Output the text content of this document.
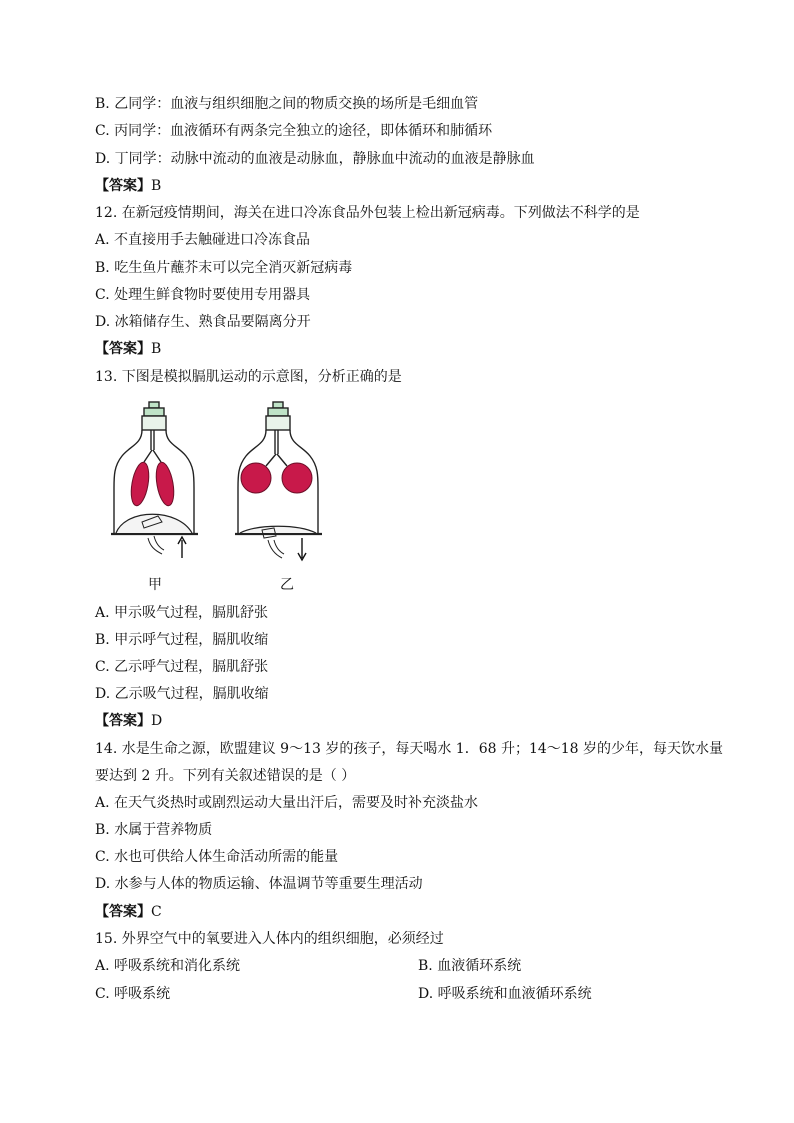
B. 乙同学：血液与组织细胞之间的物质交换的场所是毛细血管
C. 丙同学：血液循环有两条完全独立的途径，即体循环和肺循环
D. 丁同学：动脉中流动的血液是动脉血，静脉血中流动的血液是静脉血
【答案】B
12. 在新冠疫情期间，海关在进口冷冻食品外包装上检出新冠病毒。下列做法不科学的是
A. 不直接用手去触碰进口冷冻食品
B. 吃生鱼片蘸芥末可以完全消灭新冠病毒
C. 处理生鲜食物时要使用专用器具
D. 冰箱储存生、熟食品要隔离分开
【答案】B
13. 下图是模拟膈肌运动的示意图，分析正确的是
甲	乙
A. 甲示吸气过程，膈肌舒张
B. 甲示呼气过程，膈肌收缩
C. 乙示呼气过程，膈肌舒张
D. 乙示吸气过程，膈肌收缩
【答案】D
14. 水是生命之源，欧盟建议 9～13 岁的孩子，每天喝水 1．68 升；14～18 岁的少年，每天饮水量
要达到 2 升。下列有关叙述错误的是（ ）
A. 在天气炎热时或剧烈运动大量出汗后，需要及时补充淡盐水
B. 水属于营养物质
C. 水也可供给人体生命活动所需的能量
D. 水参与人体的物质运输、体温调节等重要生理活动
【答案】C
15. 外界空气中的氧要进入人体内的组织细胞，必须经过
A. 呼吸系统和消化系统	B. 血液循环系统
C. 呼吸系统	D. 呼吸系统和血液循环系统
